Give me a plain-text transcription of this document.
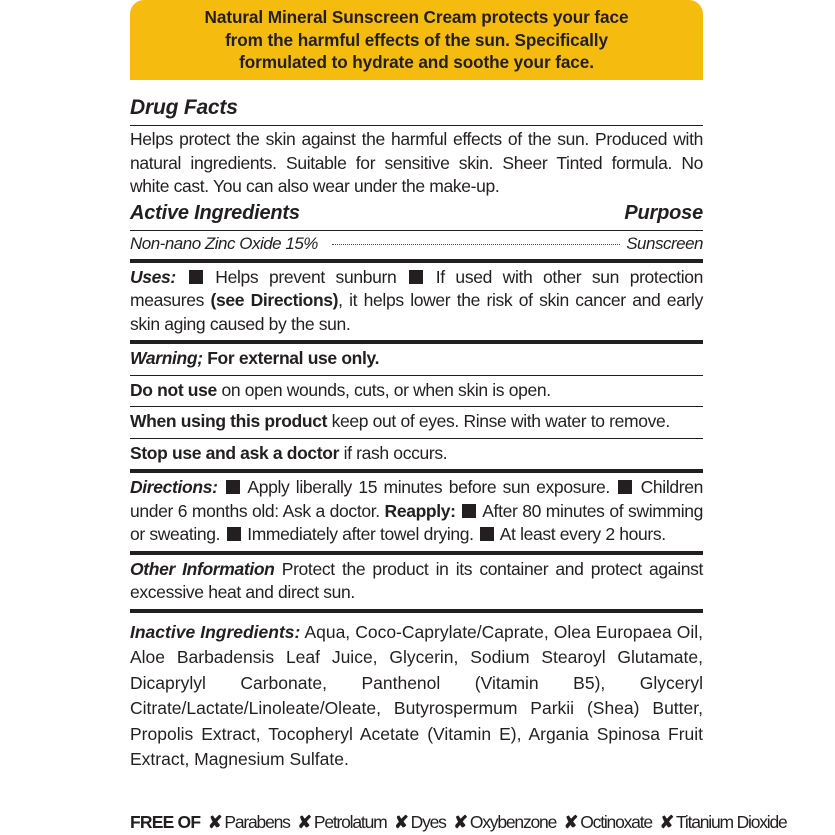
Natural Mineral Sunscreen Cream protects your face
from the harmful effects of the sun. Specifically
formulated to hydrate and soothe your face.
Drug Facts
Helps protect the skin against the harmful effects of the sun. Produced with natural ingredients. Suitable for sensitive skin. Sheer Tinted formula. No white cast. You can also wear under the make-up.
Active Ingredients	Purpose
Non-nano Zinc Oxide 15%	Sunscreen
Uses: Helps prevent sunburn If used with other sun protection measures (see Directions), it helps lower the risk of skin cancer and early skin aging caused by the sun.
Warning; For external use only.
Do not use on open wounds, cuts, or when skin is open.
When using this product keep out of eyes. Rinse with water to remove.
Stop use and ask a doctor if rash occurs.
Directions: Apply liberally 15 minutes before sun exposure. Children under 6 months old: Ask a doctor. Reapply: After 80 minutes of swimming or sweating. Immediately after towel drying. At least every 2 hours.
Other Information Protect the product in its container and protect against excessive heat and direct sun.
Inactive Ingredients: Aqua, Coco-Caprylate/Caprate, Olea Europaea Oil, Aloe Barbadensis Leaf Juice, Glycerin, Sodium Stearoyl Glutamate, Dicaprylyl Carbonate, Panthenol (Vitamin B5), Glyceryl Citrate/Lactate/Linoleate/Oleate, Butyrospermum Parkii (Shea) Butter, Propolis Extract, Tocopheryl Acetate (Vitamin E), Argania Spinosa Fruit Extract, Magnesium Sulfate.
FREE OF ✘ Parabens ✘ Petrolatum ✘ Dyes ✘ Oxybenzone ✘ Octinoxate ✘ Titanium Dioxide
